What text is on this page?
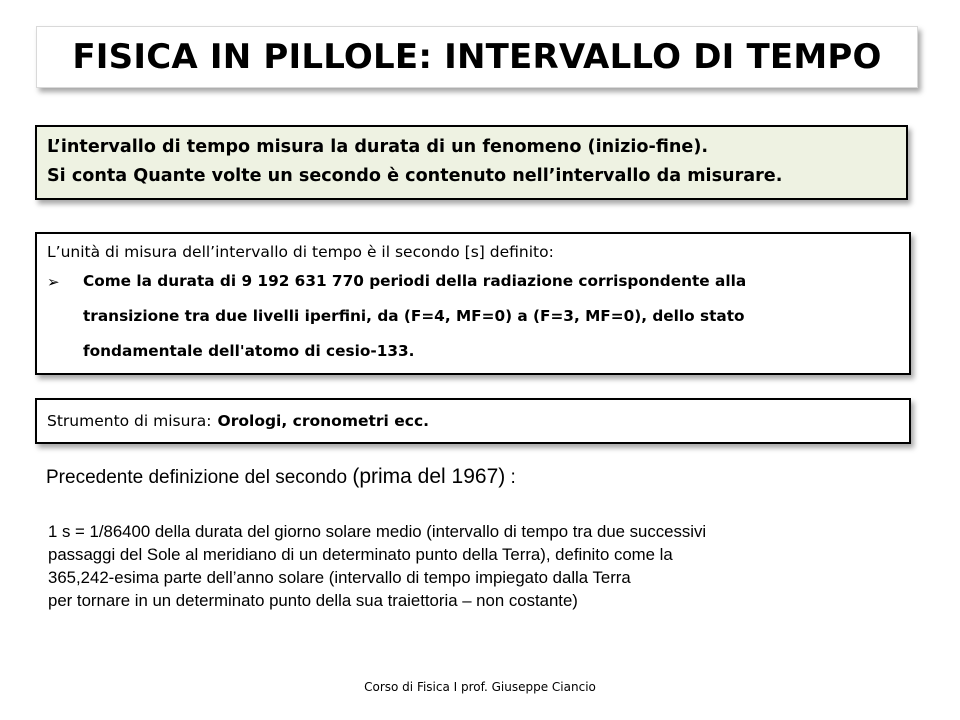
FISICA IN PILLOLE: INTERVALLO DI TEMPO
L’intervallo di tempo misura la durata di un fenomeno (inizio-fine).
Si conta Quante volte un secondo è contenuto nell’intervallo da misurare.
L’unità di misura dell’intervallo di tempo è il secondo [s] definito:
➢	Come la durata di 9 192 631 770 periodi della radiazione corrispondente alla
transizione tra due livelli iperfini, da (F=4, MF=0) a (F=3, MF=0), dello stato
fondamentale dell'atomo di cesio-133.
Strumento di misura: Orologi, cronometri ecc.
Precedente definizione del secondo (prima del 1967) :
1 s = 1/86400 della durata del giorno solare medio (intervallo di tempo tra due successivi
passaggi del Sole al meridiano di un determinato punto della Terra), definito come la
365,242-esima parte dell’anno solare (intervallo di tempo impiegato dalla Terra
per tornare in un determinato punto della sua traiettoria – non costante)
Corso di Fisica I prof. Giuseppe Ciancio
